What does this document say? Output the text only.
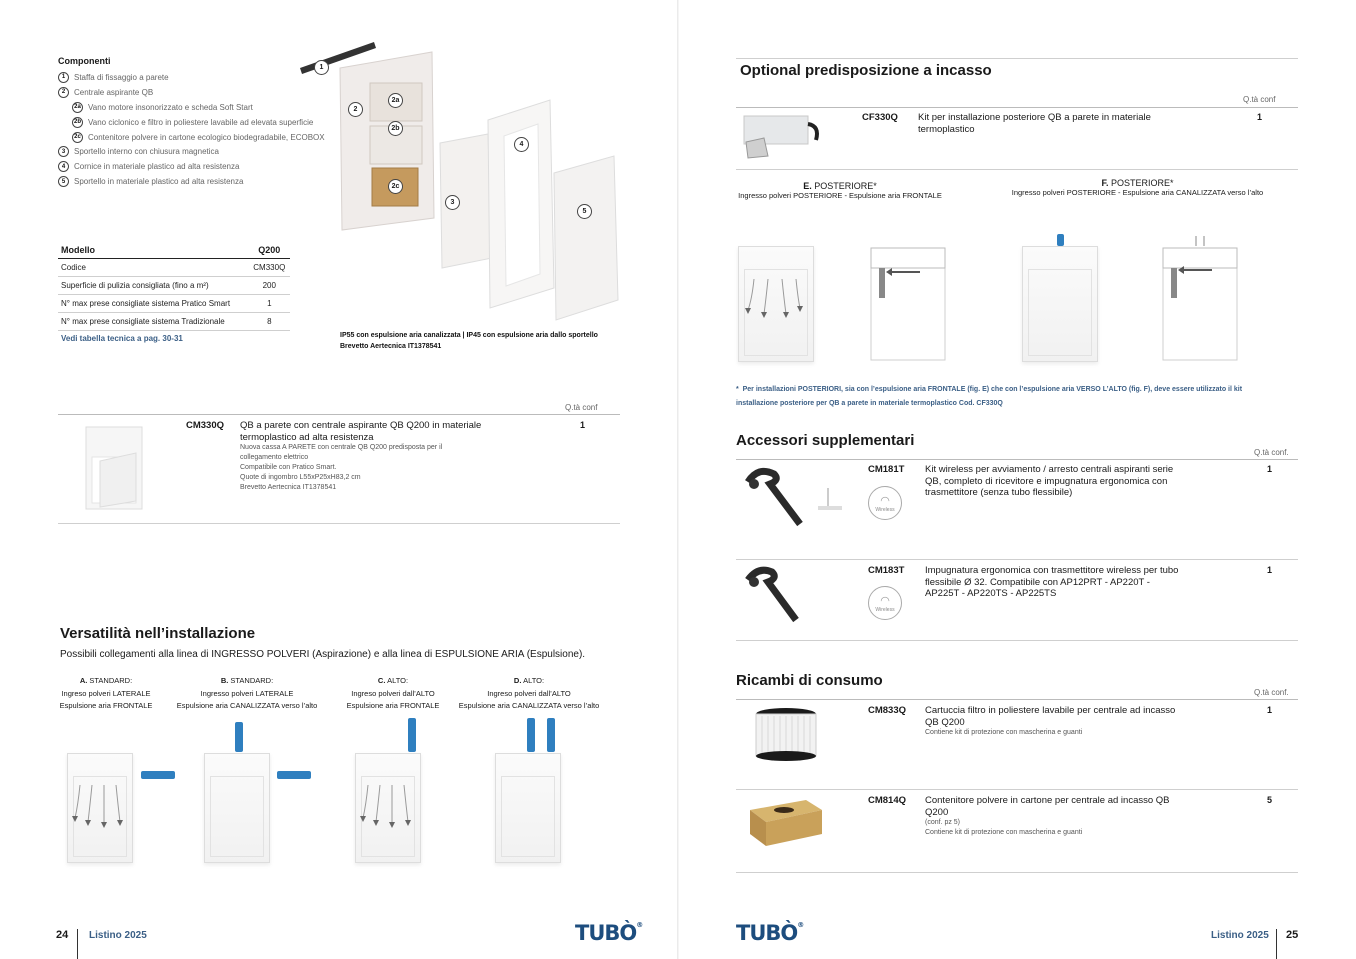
Componenti
1	Staffa di fissaggio a parete
2	Centrale aspirante QB
2a Vano motore insonorizzato e scheda Soft Start
2b Vano ciclonico e filtro in poliestere lavabile ad elevata superficie
2c Contenitore polvere in cartone ecologico biodegradabile, ECOBOX
3	Sportello interno con chiusura magnetica
4	Cornice in materiale plastico ad alta resistenza
5	Sportello in materiale plastico ad alta resistenza
1
2
2a
2b
2c
3
4
5
Modello	Q200
Codice	CM330Q
Superficie di pulizia consigliata (fino a m²)	200
N° max prese consigliate sistema Pratico Smart	1
N° max prese consigliate sistema Tradizionale	8
Vedi tabella tecnica a pag. 30-31	IP55 con espulsione aria canalizzata | IP45 con espulsione aria dallo sportello
Brevetto Aertecnica IT1378541
Q.tà conf
CM330Q QB a parete con centrale aspirante QB Q200 in materiale termoplastico ad alta resistenza
Nuova cassa A PARETE con centrale QB Q200 predisposta per il
collegamento elettrico
Compatibile con Pratico Smart.
Quote di ingombro L55xP25xH83,2 cm
Brevetto Aertecnica IT1378541
1
Versatilità nell’installazione
Possibili collegamenti alla linea di INGRESSO POLVERI (Aspirazione) e alla linea di ESPULSIONE ARIA (Espulsione).
A. STANDARD:
Ingreso polveri LATERALE
Espulsione aria FRONTALE
B. STANDARD:
Ingresso polveri LATERALE
Espulsione aria CANALIZZATA verso l’alto
C. ALTO:
Ingreso polveri dall’ALTO
Espulsione aria FRONTALE
D. ALTO:
Ingreso polveri dall’ALTO
Espulsione aria CANALIZZATA verso l’alto
24 Listino 2025	TUBÒ®
Optional predisposizione a incasso
Q.tà conf
CF330Q Kit per installazione posteriore QB a parete in materiale termoplastico
1
E. POSTERIORE*
Ingresso polveri POSTERIORE - Espulsione aria FRONTALE
F. POSTERIORE*
Ingresso polveri POSTERIORE - Espulsione aria CANALIZZATA verso l’alto
* Per installazioni POSTERIORI, sia con l’espulsione aria FRONTALE (fig. E) che con l’espulsione aria VERSO L’ALTO (fig. F), deve essere utilizzato il kit
installazione posteriore per QB a parete in materiale termoplastico Cod. CF330Q
Accessori supplementari
Q.tà conf.
◠
Wireless
CM181T Kit wireless per avviamento / arresto centrali aspiranti serie QB, completo di ricevitore e impugnatura ergonomica con trasmettitore (senza tubo flessibile)
1
◠
Wireless
CM183T Impugnatura ergonomica con trasmettitore wireless per tubo flessibile Ø 32. Compatibile con AP12PRT - AP220T - AP225T - AP220TS - AP225TS
1
Ricambi di consumo
Q.tà conf.
CM833Q Cartuccia filtro in poliestere lavabile per centrale ad incasso QB Q200
Contiene kit di protezione con mascherina e guanti
1
CM814Q Contenitore polvere in cartone per centrale ad incasso QB Q200
(conf. pz 5)
Contiene kit di protezione con mascherina e guanti
5
TUBÒ®
Listino 2025 25
